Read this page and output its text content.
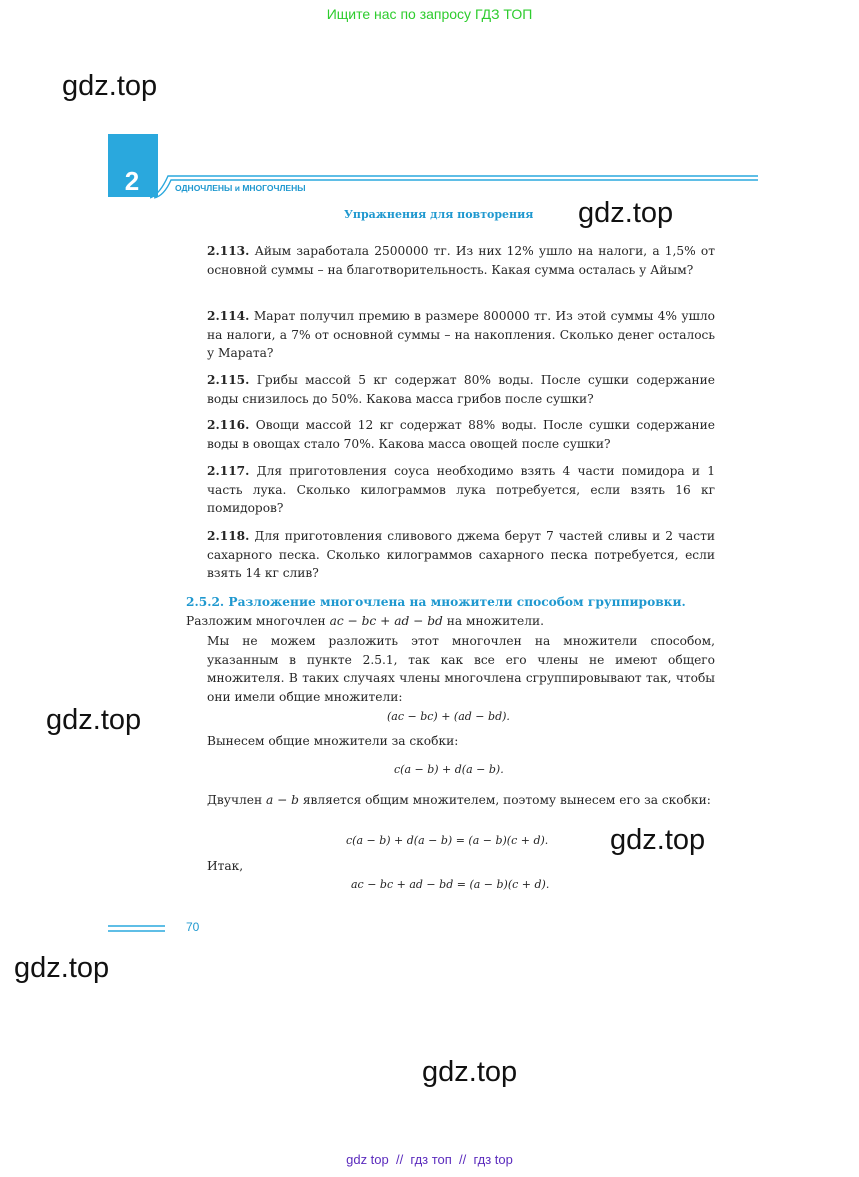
Ищите нас по запросу ГДЗ ТОП
gdz.top
2	ОДНОЧЛЕНЫ и МНОГОЧЛЕНЫ
Упражнения для повторения gdz.top
2.113. Айым заработала 2500000 тг. Из них 12% ушло на налоги, а 1,5% от основной суммы – на благотворительность. Какая сумма осталась у Айым?
2.114. Марат получил премию в размере 800000 тг. Из этой суммы 4% ушло на налоги, а 7% от основной суммы – на накопления. Сколько денег осталось у Марата?
2.115. Грибы массой 5 кг содержат 80% воды. После сушки содержание воды снизилось до 50%. Какова масса грибов после сушки?
2.116. Овощи массой 12 кг содержат 88% воды. После сушки содержание воды в овощах стало 70%. Какова масса овощей после сушки?
2.117. Для приготовления соуса необходимо взять 4 части помидора и 1 часть лука. Сколько килограммов лука потребуется, если взять 16 кг помидоров?
2.118. Для приготовления сливового джема берут 7 частей сливы и 2 части сахарного песка. Сколько килограммов сахарного песка потребуется, если взять 14 кг слив?
2.5.2. Разложение многочлена на множители способом группировки.
Разложим многочлен ac − bc + ad − bd на множители.
Мы не можем разложить этот многочлен на множители способом, указанным в пункте 2.5.1, так как все его члены не имеют общего множителя. В таких случаях члены многочлена сгруппировывают так, чтобы они имели общие множители:
gdz.top	(ac − bc) + (ad − bd).
Вынесем общие множители за скобки:
c(a − b) + d(a − b).
Двучлен a − b является общим множителем, поэтому вынесем его за скобки:
c(a − b) + d(a − b) = (a − b)(c + d). gdz.top
Итак,
ac − bc + ad − bd = (a − b)(c + d).
70
gdz.top
gdz.top
gdz top  //  гдз топ  //  гдз top
